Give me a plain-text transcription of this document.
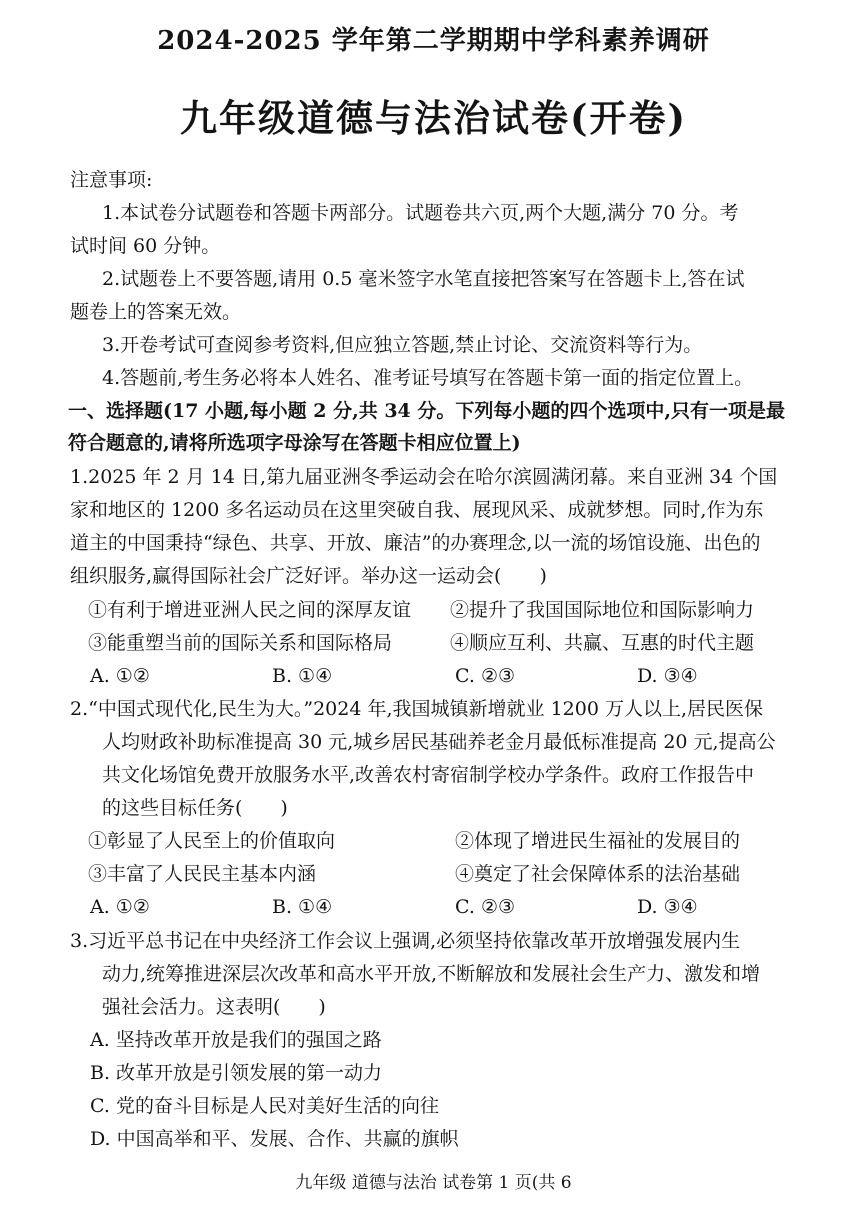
2024-2025 学年第二学期期中学科素养调研
九年级道德与法治试卷(开卷)
注意事项:
1.本试卷分试题卷和答题卡两部分。试题卷共六页,两个大题,满分 70 分。考
试时间 60 分钟。
2.试题卷上不要答题,请用 0.5 毫米签字水笔直接把答案写在答题卡上,答在试
题卷上的答案无效。
3.开卷考试可查阅参考资料,但应独立答题,禁止讨论、交流资料等行为。
4.答题前,考生务必将本人姓名、准考证号填写在答题卡第一面的指定位置上。
一、选择题(17 小题,每小题 2 分,共 34 分。下列每小题的四个选项中,只有一项是最
符合题意的,请将所选项字母涂写在答题卡相应位置上)
1.2025 年 2 月 14 日,第九届亚洲冬季运动会在哈尔滨圆满闭幕。来自亚洲 34 个国
家和地区的 1200 多名运动员在这里突破自我、展现风采、成就梦想。同时,作为东
道主的中国秉持“绿色、共享、开放、廉洁”的办赛理念,以一流的场馆设施、出色的
组织服务,赢得国际社会广泛好评。举办这一运动会(　　)
①有利于增进亚洲人民之间的深厚友谊 ②提升了我国国际地位和国际影响力
③能重塑当前的国际关系和国际格局	④顺应互利、共赢、互惠的时代主题
A. ①②	B. ①④	C. ②③	D. ③④
2.“中国式现代化,民生为大。”2024 年,我国城镇新增就业 1200 万人以上,居民医保
人均财政补助标准提高 30 元,城乡居民基础养老金月最低标准提高 20 元,提高公
共文化场馆免费开放服务水平,改善农村寄宿制学校办学条件。政府工作报告中
的这些目标任务(　　)
①彰显了人民至上的价值取向	②体现了增进民生福祉的发展目的
③丰富了人民民主基本内涵	④奠定了社会保障体系的法治基础
A. ①②	B. ①④	C. ②③	D. ③④
3.习近平总书记在中央经济工作会议上强调,必须坚持依靠改革开放增强发展内生
动力,统筹推进深层次改革和高水平开放,不断解放和发展社会生产力、激发和增
强社会活力。这表明(　　)
A. 坚持改革开放是我们的强国之路
B. 改革开放是引领发展的第一动力
C. 党的奋斗目标是人民对美好生活的向往
D. 中国高举和平、发展、合作、共赢的旗帜
九年级 道德与法治 试卷第 1 页(共 6
